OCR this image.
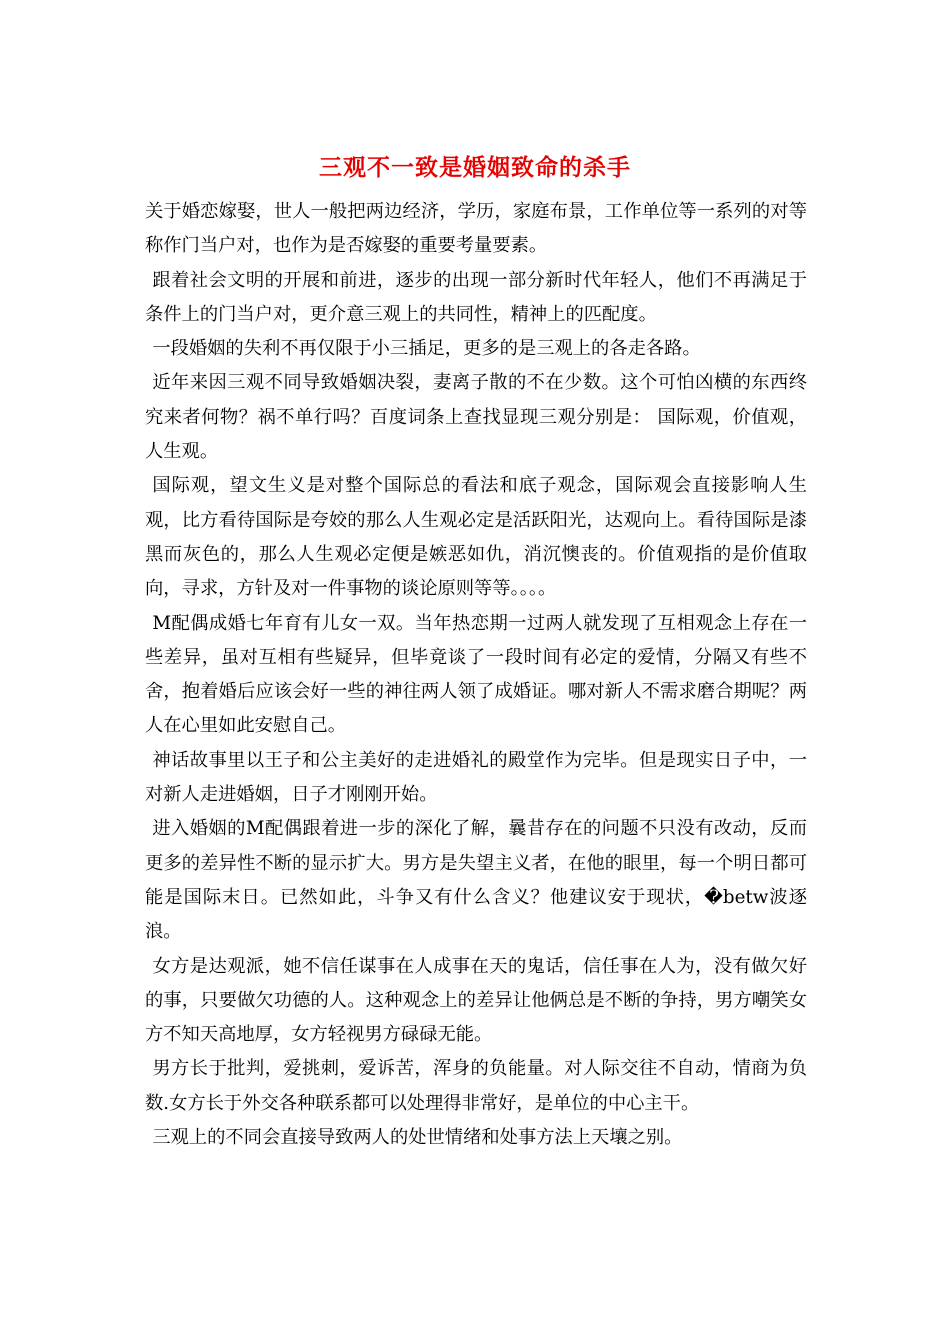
三观不一致是婚姻致命的杀手

关于婚恋嫁娶，世人一般把两边经济，学历，家庭布景，工作单位等一系列的对等称作门当户对，也作为是否嫁娶的重要考量要素。

跟着社会文明的开展和前进，逐步的出现一部分新时代年轻人，他们不再满足于条件上的门当户对，更介意三观上的共同性，精神上的匹配度。

一段婚姻的失利不再仅限于小三插足，更多的是三观上的各走各路。

近年来因三观不同导致婚姻决裂，妻离子散的不在少数。这个可怕凶横的东西终究来者何物？祸不单行吗？百度词条上查找显现三观分别是： 国际观，价值观，人生观。

国际观，望文生义是对整个国际总的看法和底子观念，国际观会直接影响人生观，比方看待国际是夸姣的那么人生观必定是活跃阳光，达观向上。看待国际是漆黑而灰色的，那么人生观必定便是嫉恶如仇，消沉懊丧的。价值观指的是价值取向，寻求，方针及对一件事物的谈论原则等等。。。。

M配偶成婚七年育有儿女一双。当年热恋期一过两人就发现了互相观念上存在一些差异，虽对互相有些疑异，但毕竟谈了一段时间有必定的爱情，分隔又有些不舍，抱着婚后应该会好一些的神往两人领了成婚证。哪对新人不需求磨合期呢？两人在心里如此安慰自己。

神话故事里以王子和公主美好的走进婚礼的殿堂作为完毕。但是现实日子中，一对新人走进婚姻，日子才刚刚开始。

进入婚姻的M配偶跟着进一步的深化了解，曩昔存在的问题不只没有改动，反而更多的差异性不断的显示扩大。男方是失望主义者，在他的眼里，每一个明日都可能是国际末日。已然如此，斗争又有什么含义？他建议安于现状，�betw波逐浪。

女方是达观派，她不信任谋事在人成事在天的鬼话，信任事在人为，没有做欠好的事，只要做欠功德的人。这种观念上的差异让他俩总是不断的争持，男方嘲笑女方不知天高地厚，女方轻视男方碌碌无能。

男方长于批判，爱挑刺，爱诉苦，浑身的负能量。对人际交往不自动，情商为负数.女方长于外交各种联系都可以处理得非常好，是单位的中心主干。

三观上的不同会直接导致两人的处世情绪和处事方法上天壤之别。
